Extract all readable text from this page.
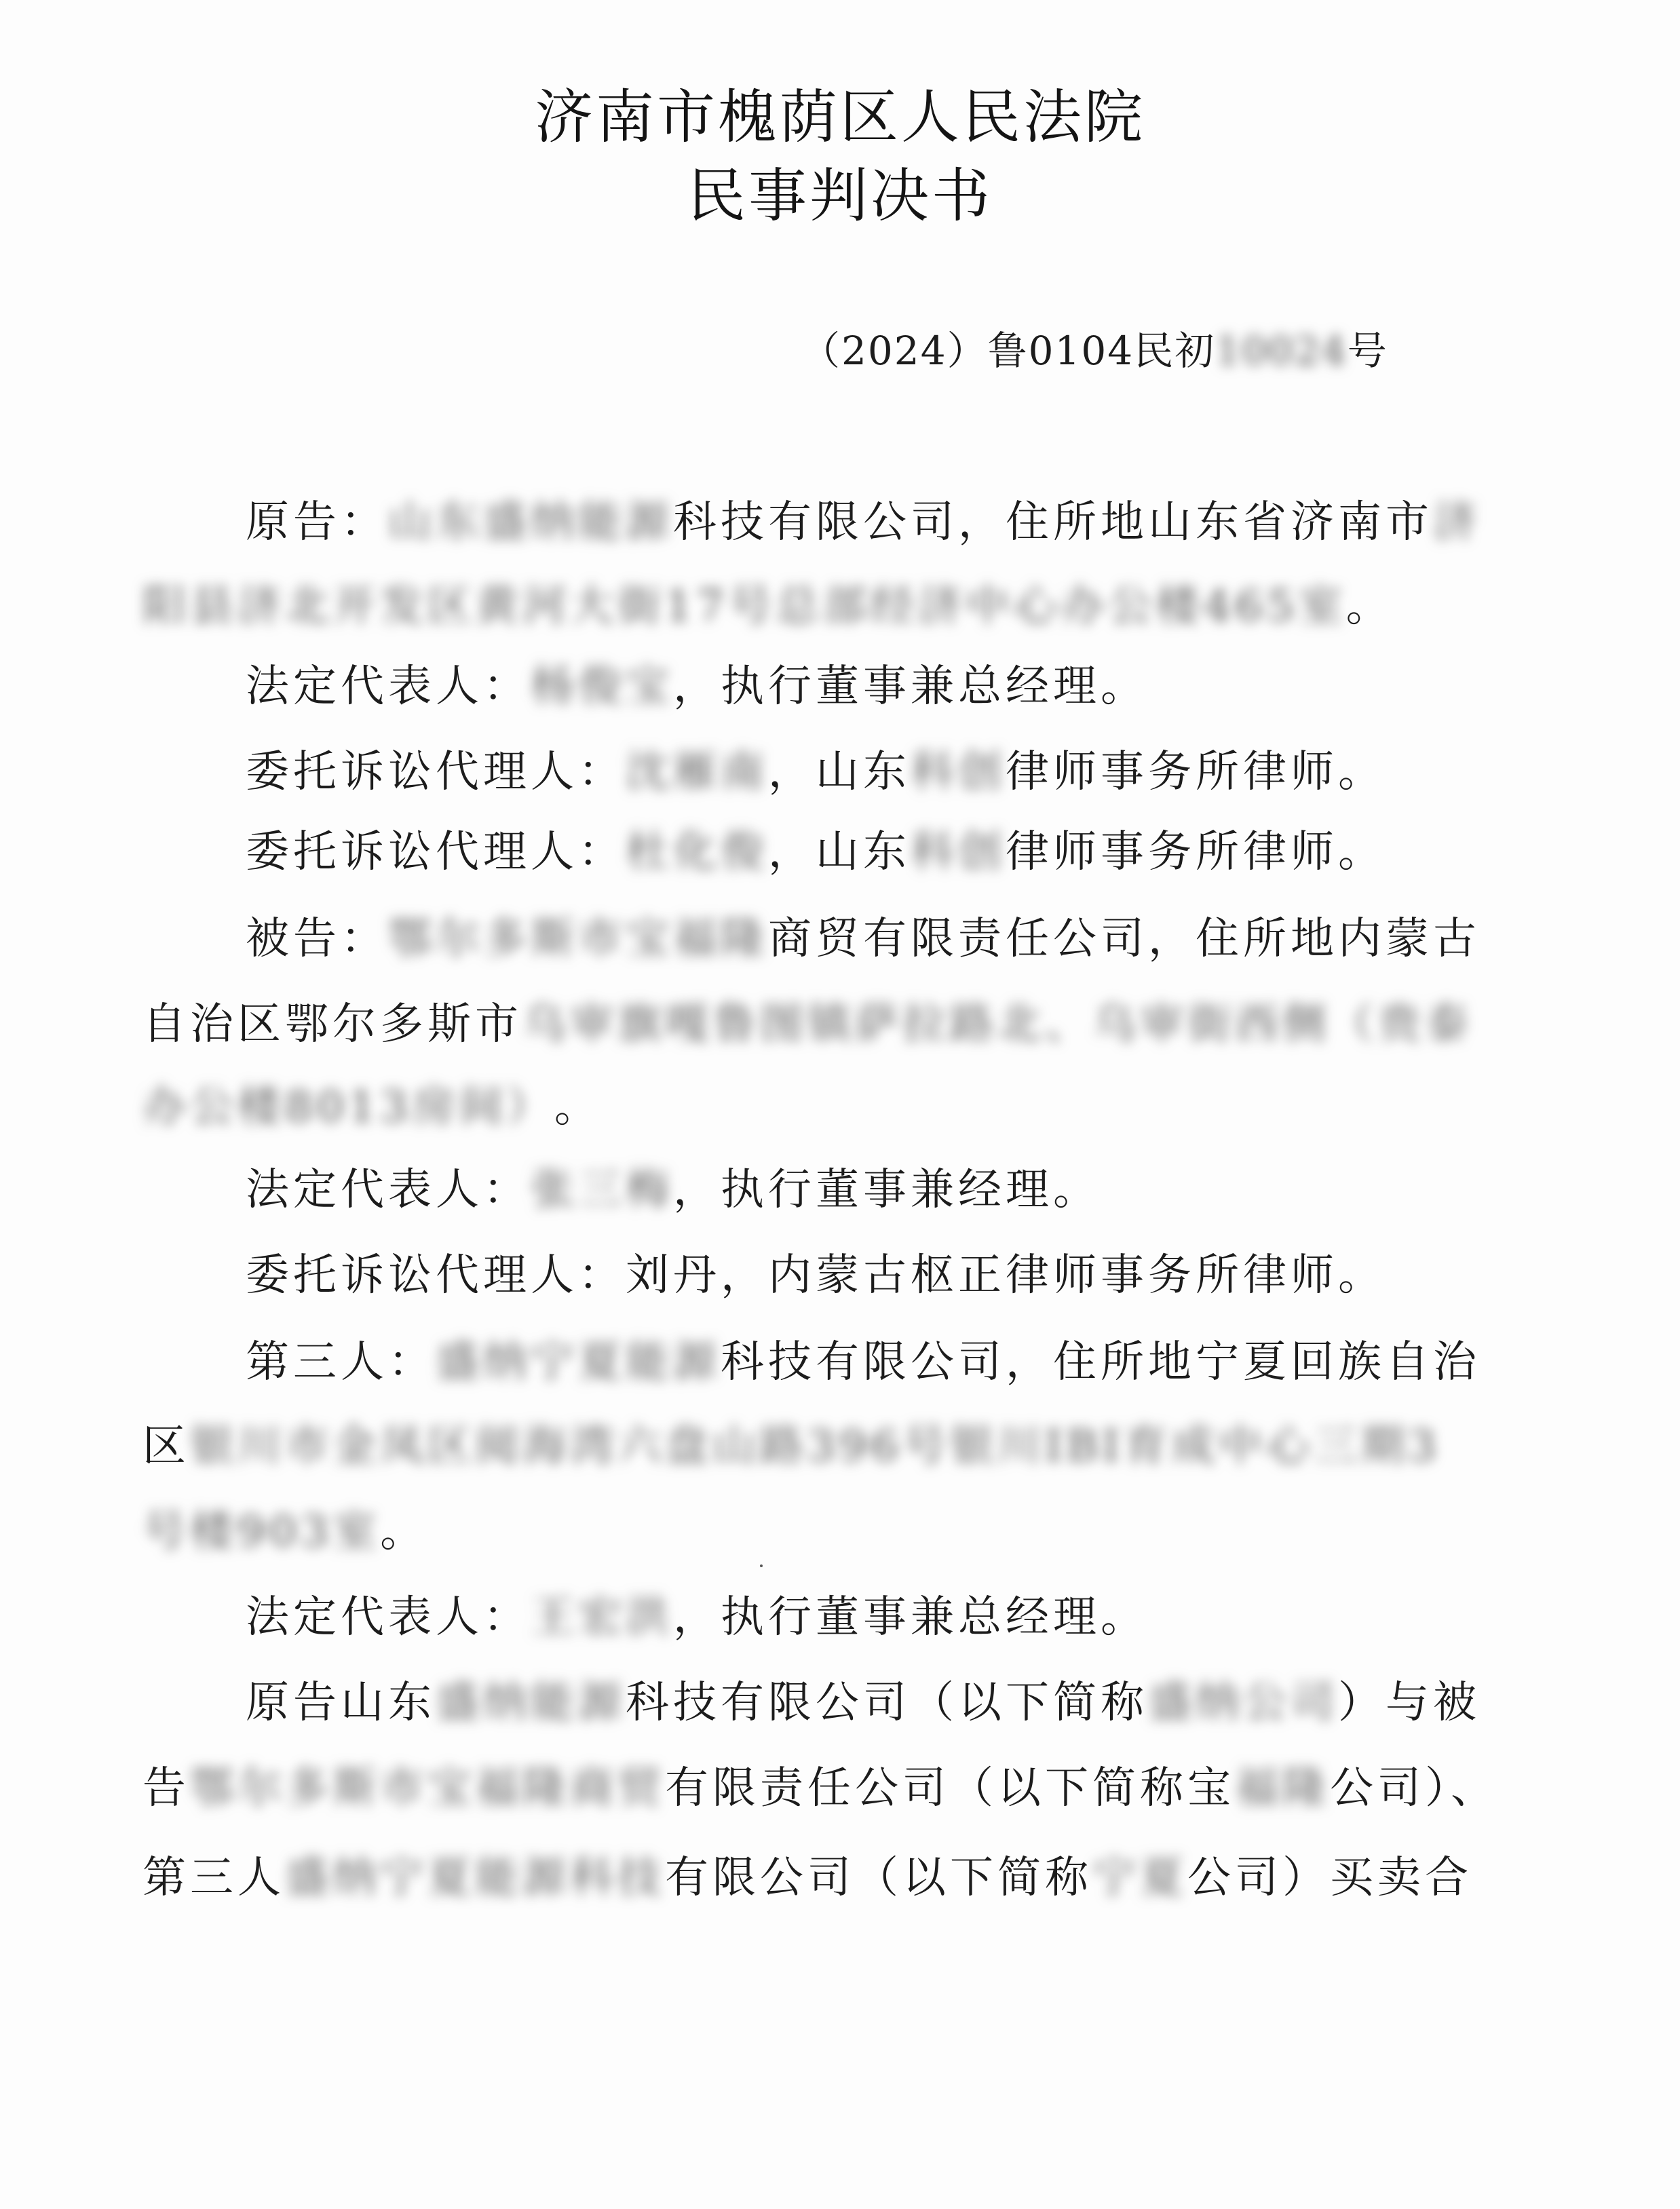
济南市槐荫区人民法院
民事判决书
（2024）鲁0104民初10024号
原告：山东盛纳能源科技有限公司，住所地山东省济南市济
阳县济北开发区黄河大街17号总部经济中心办公楼465室。
法定代表人：杨俊宝，执行董事兼总经理。
委托诉讼代理人：沈雁南，山东科创律师事务所律师。
委托诉讼代理人：杜化俊，山东科创律师事务所律师。
被告：鄂尔多斯市宝福隆商贸有限责任公司，住所地内蒙古
自治区鄂尔多斯市乌审旗嘎鲁图镇萨拉路北、乌审街西侧（贵泰
办公楼8013房间）。
法定代表人：张三梅，执行董事兼经理。
委托诉讼代理人：刘丹，内蒙古枢正律师事务所律师。
第三人：盛纳宁夏能源科技有限公司，住所地宁夏回族自治
区银川市金凤区阅海湾六盘山路396号银川IBI育成中心三期3
号楼903室。
法定代表人：王宏洪，执行董事兼总经理。
原告山东盛纳能源科技有限公司（以下简称盛纳公司）与被
告鄂尔多斯市宝福隆商贸有限责任公司（以下简称宝福隆公司）、
第三人盛纳宁夏能源科技有限公司（以下简称宁夏公司）买卖合
